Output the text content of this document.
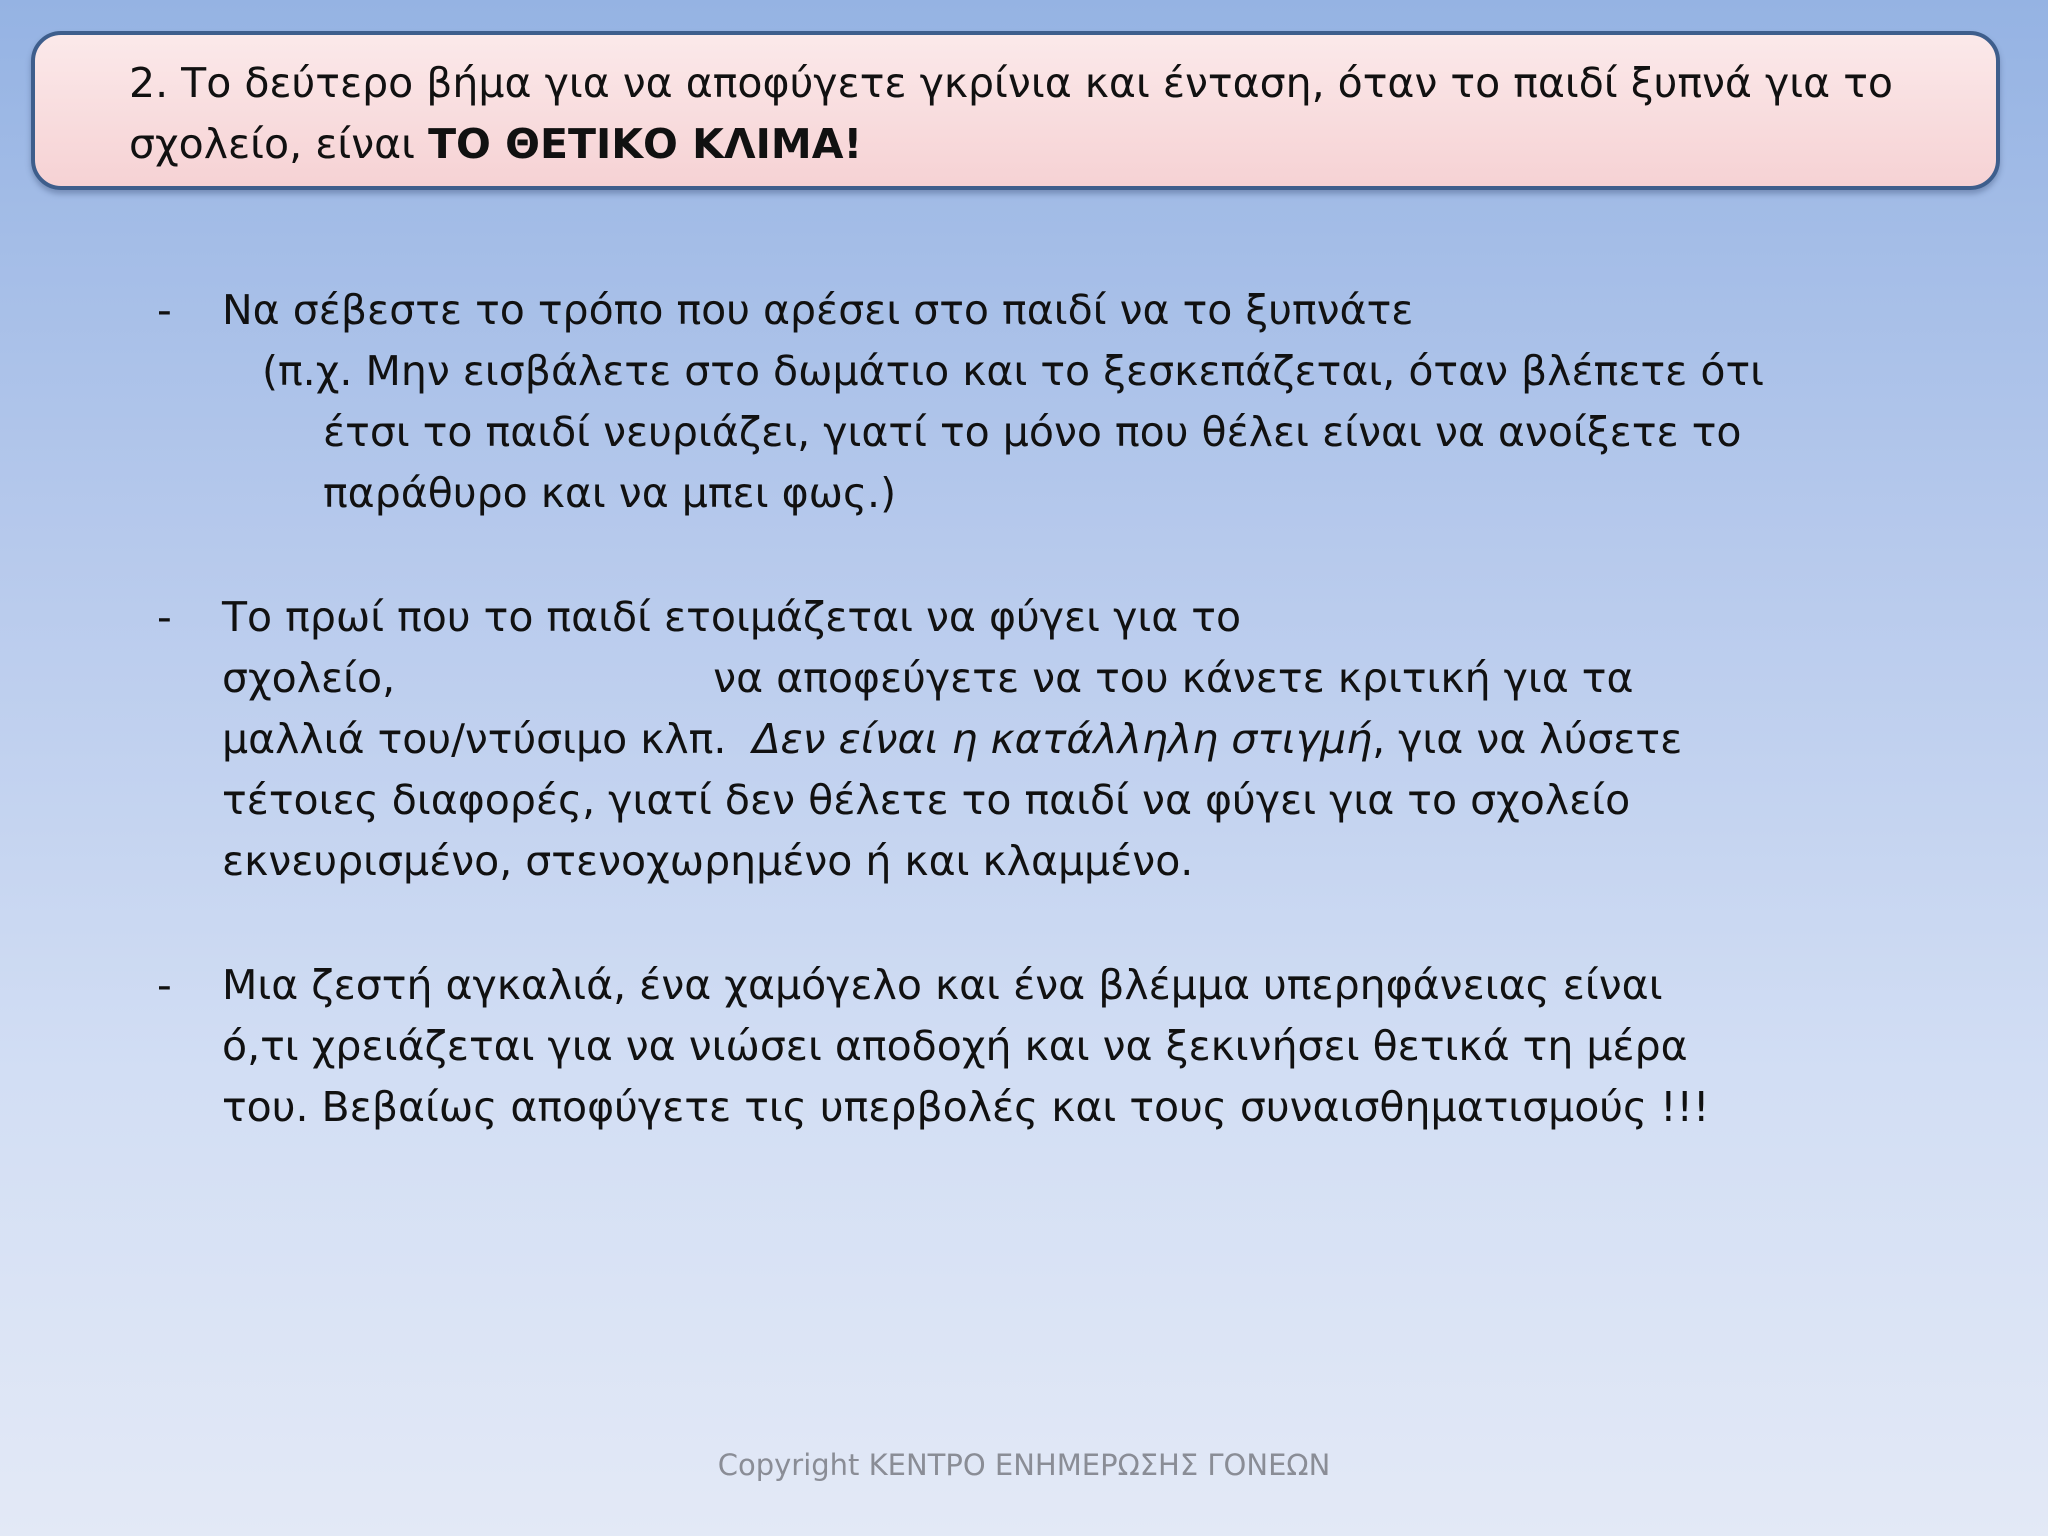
2. Το δεύτερο βήμα για να αποφύγετε γκρίνια και ένταση, όταν το παιδί ξυπνά για το σχολείο, είναι ΤΟ ΘΕΤΙΚΟ ΚΛΙΜΑ!
-	Να σέβεστε το τρόπο που αρέσει στο παιδί να το ξυπνάτε
(π.χ. Μην εισβάλετε στο δωμάτιο και το ξεσκεπάζεται, όταν βλέπετε ότι
έτσι το παιδί νευριάζει, γιατί το μόνο που θέλει είναι να ανοίξετε το
παράθυρο και να μπει φως.)
-	Το πρωί που το παιδί ετοιμάζεται να φύγει για το
σχολείο,	να αποφεύγετε να του κάνετε κριτική για τα
μαλλιά του/ντύσιμο κλπ.  Δεν είναι η κατάλληλη στιγμή, για να λύσετε
τέτοιες διαφορές, γιατί δεν θέλετε το παιδί να φύγει για το σχολείο
εκνευρισμένο, στενοχωρημένο ή και κλαμμένο.
-	Μια ζεστή αγκαλιά, ένα χαμόγελο και ένα βλέμμα υπερηφάνειας είναι
ό,τι χρειάζεται για να νιώσει αποδοχή και να ξεκινήσει θετικά τη μέρα
του. Βεβαίως αποφύγετε τις υπερβολές και τους συναισθηματισμούς !!!
Copyright ΚΕΝΤΡΟ ΕΝΗΜΕΡΩΣΗΣ ΓΟΝΕΩΝ
